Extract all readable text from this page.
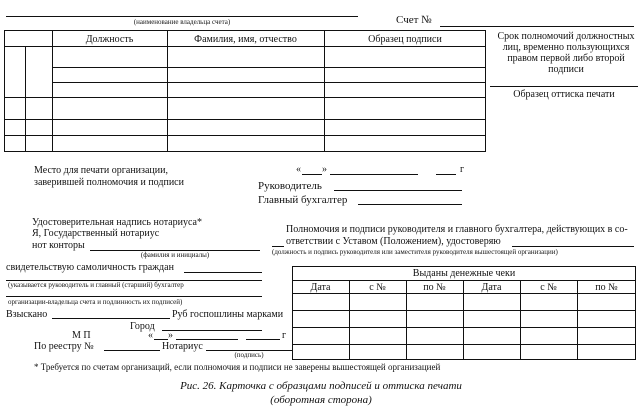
(наименование владельца счета)	Счет №
Должность	Фамилия, имя, отчество	Образец подписи	Срок полномочий должностных лиц, временно пользующихся правом первой либо второй подписи
Образец оттиска печати
Место для печати организации,
заверившей полномочия и подписи
« »	г
Руководитель
Главный бухгалтер
Удостоверительная надпись нотариуса*
Я, Государственный нотариус
нот конторы
(фамилия и инициалы)
свидетельствую самоличность граждан
(указывается руководитель и главный (старший) бухгалтер
организации-владельца счета и подлинность их подписей)
Взыскано	Руб госпошлины марками
Город
М П	« »	г
По реестру №	Нотариус
(подпись)
Полномочия и подписи руководителя и главного бухгалтера, действующих в со-
ответствии с Уставом (Положением), удостоверяю
(должность и подпись руководителя или заместителя руководителя вышестоящей организации)
Выданы денежные чеки
Дата	с №	по №	Дата	с №	по №
* Требуется по счетам организаций, если полномочия и подписи не заверены вышестоящей организацией
Рис. 26. Карточка с образцами подписей и оттиска печати
(оборотная сторона)
